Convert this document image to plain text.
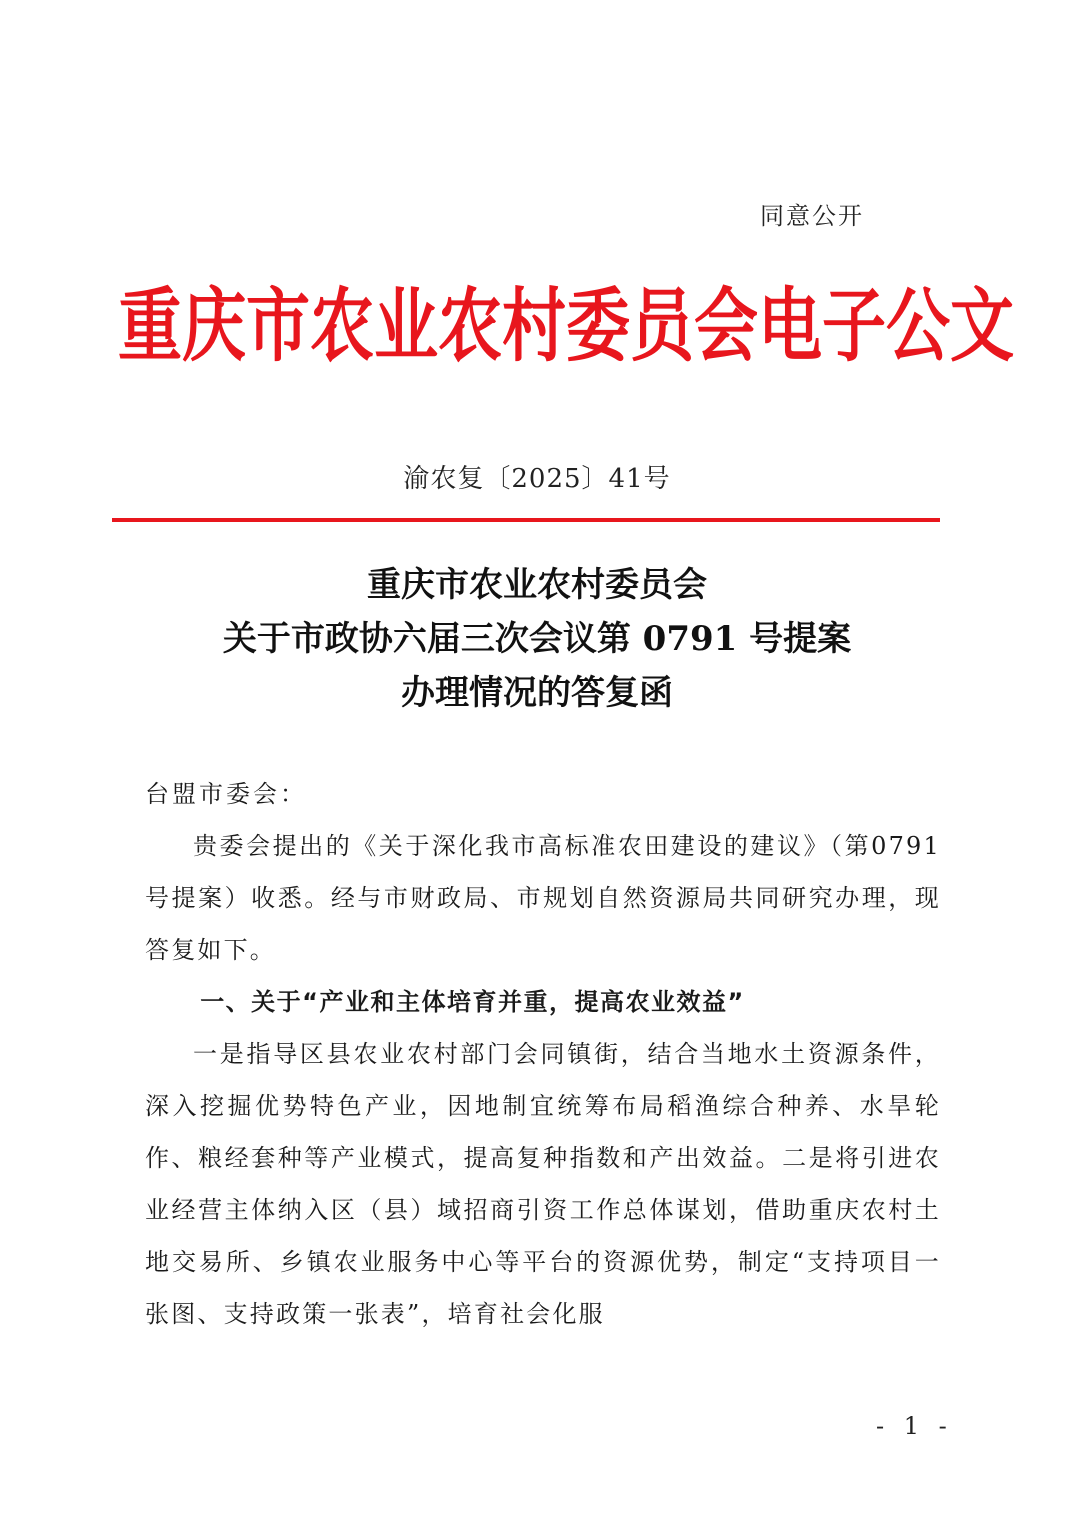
同意公开
重庆市农业农村委员会电子公文
渝农复〔2025〕41号
重庆市农业农村委员会
关于市政协六届三次会议第 0791 号提案
办理情况的答复函
台盟市委会：

贵委会提出的《关于深化我市高标准农田建设的建议》（第0791号提案）收悉。经与市财政局、市规划自然资源局共同研究办理，现答复如下。

一、关于“产业和主体培育并重，提高农业效益”

一是指导区县农业农村部门会同镇街，结合当地水土资源条件，深入挖掘优势特色产业，因地制宜统筹布局稻渔综合种养、水旱轮作、粮经套种等产业模式，提高复种指数和产出效益。二是将引进农业经营主体纳入区（县）域招商引资工作总体谋划，借助重庆农村土地交易所、乡镇农业服务中心等平台的资源优势，制定“支持项目一张图、支持政策一张表”，培育社会化服

- 1 -
